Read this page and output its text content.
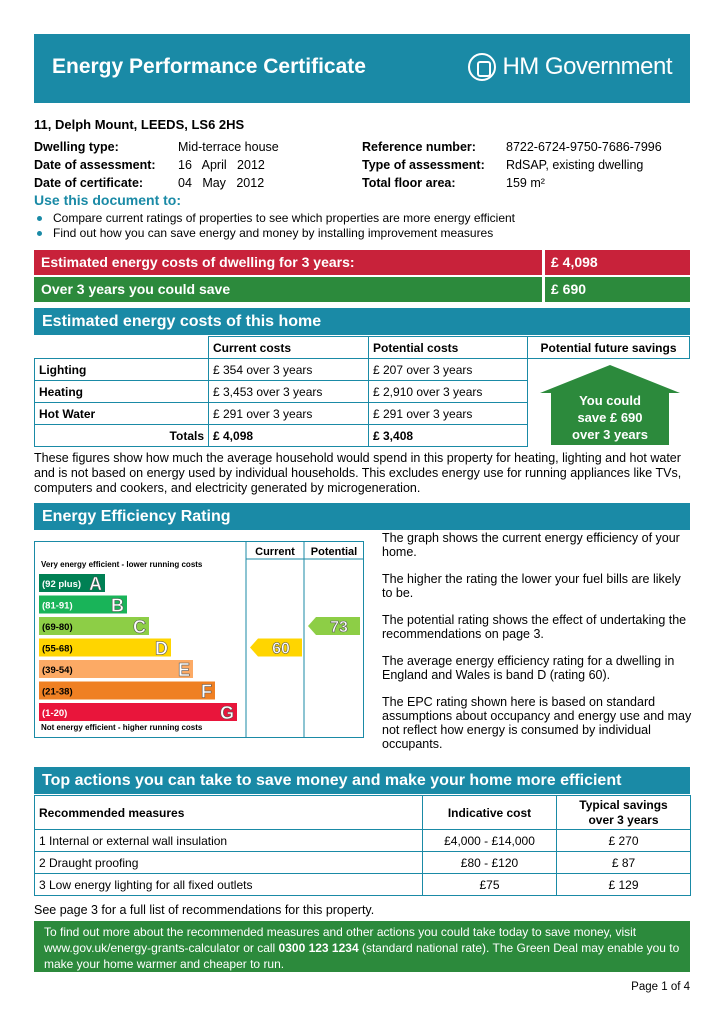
Energy Performance Certificate	HM Government
11, Delph Mount, LEEDS, LS6 2HS
Dwelling type:	Mid-terrace house
Date of assessment:	16   April   2012
Date of certificate:	04   May   2012
Reference number:	8722-6724-9750-7686-7996
Type of assessment:	RdSAP, existing dwelling
Total floor area:	159 m²
Use this document to:
Compare current ratings of properties to see which properties are more energy efficient
Find out how you can save energy and money by installing improvement measures
Estimated energy costs of dwelling for 3 years:	£ 4,098
Over 3 years you could save	£ 690
Estimated energy costs of this home
	Current costs	Potential costs	Potential future savings
Lighting	£ 354 over 3 years	£ 207 over 3 years	
Heating	£ 3,453 over 3 years	£ 2,910 over 3 years	
Hot Water	£ 291 over 3 years	£ 291 over 3 years	
Totals	£ 4,098	£ 3,408	
You could
save £ 690
over 3 years
These figures show how much the average household would spend in this property for heating, lighting and hot water and is not based on energy used by individual households. This excludes energy use for running appliances like TVs, computers and cookers, and electricity generated by microgeneration.
Energy Efficiency Rating
Current Potential
Very energy efficient - lower running costs
Not energy efficient - higher running costs
(92 plus) A
(81-91) B
(69-80)	C
(55-68)	D
(39-54)	E
(21-38)	F
(1-20)	G
60
73

The graph shows the current energy efficiency of your home.

The higher the rating the lower your fuel bills are likely to be.

The potential rating shows the effect of undertaking the recommendations on page 3.

The average energy efficiency rating for a dwelling in England and Wales is band D (rating 60).

The EPC rating shown here is based on standard assumptions about occupancy and energy use and may not reflect how energy is consumed by individual occupants.

Top actions you can take to save money and make your home more efficient
Recommended measures	Indicative cost	Typical savings
over 3 years

1 Internal or external wall insulation	£4,000 - £14,000	£ 270
2 Draught proofing	£80 - £120	£ 87
3 Low energy lighting for all fixed outlets	£75	£ 129
See page 3 for a full list of recommendations for this property.
To find out more about the recommended measures and other actions you could take today to save money, visit
www.gov.uk/energy-grants-calculator or call 0300 123 1234 (standard national rate). The Green Deal may enable you to
make your home warmer and cheaper to run.
Page 1 of 4
